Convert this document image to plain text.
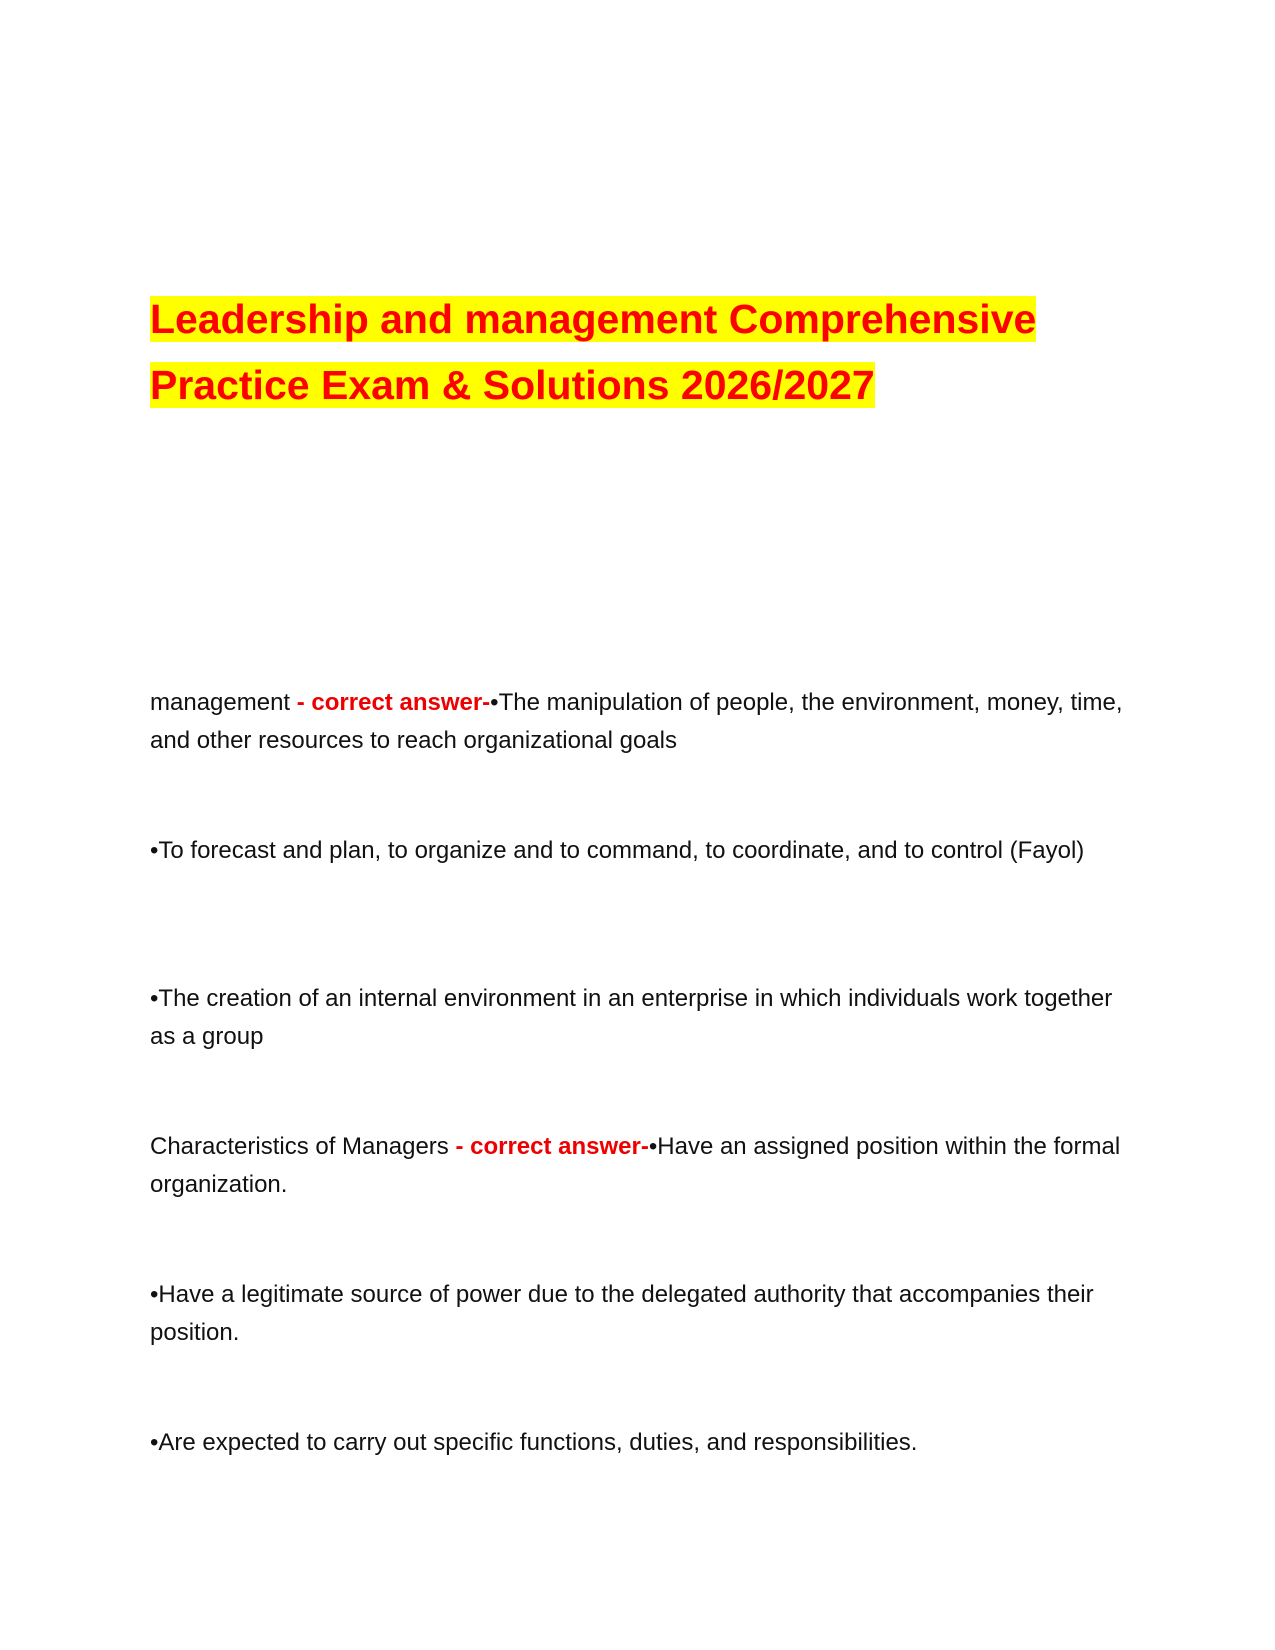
Leadership and management Comprehensive
Practice Exam & Solutions 2026/2027
management - correct answer-•The manipulation of people, the environment, money, time, and other resources to reach organizational goals
•To forecast and plan, to organize and to command, to coordinate, and to control (Fayol)
•The creation of an internal environment in an enterprise in which individuals work together as a group
Characteristics of Managers - correct answer-•Have an assigned position within the formal organization.
•Have a legitimate source of power due to the delegated authority that accompanies their position.
•Are expected to carry out specific functions, duties, and responsibilities.
